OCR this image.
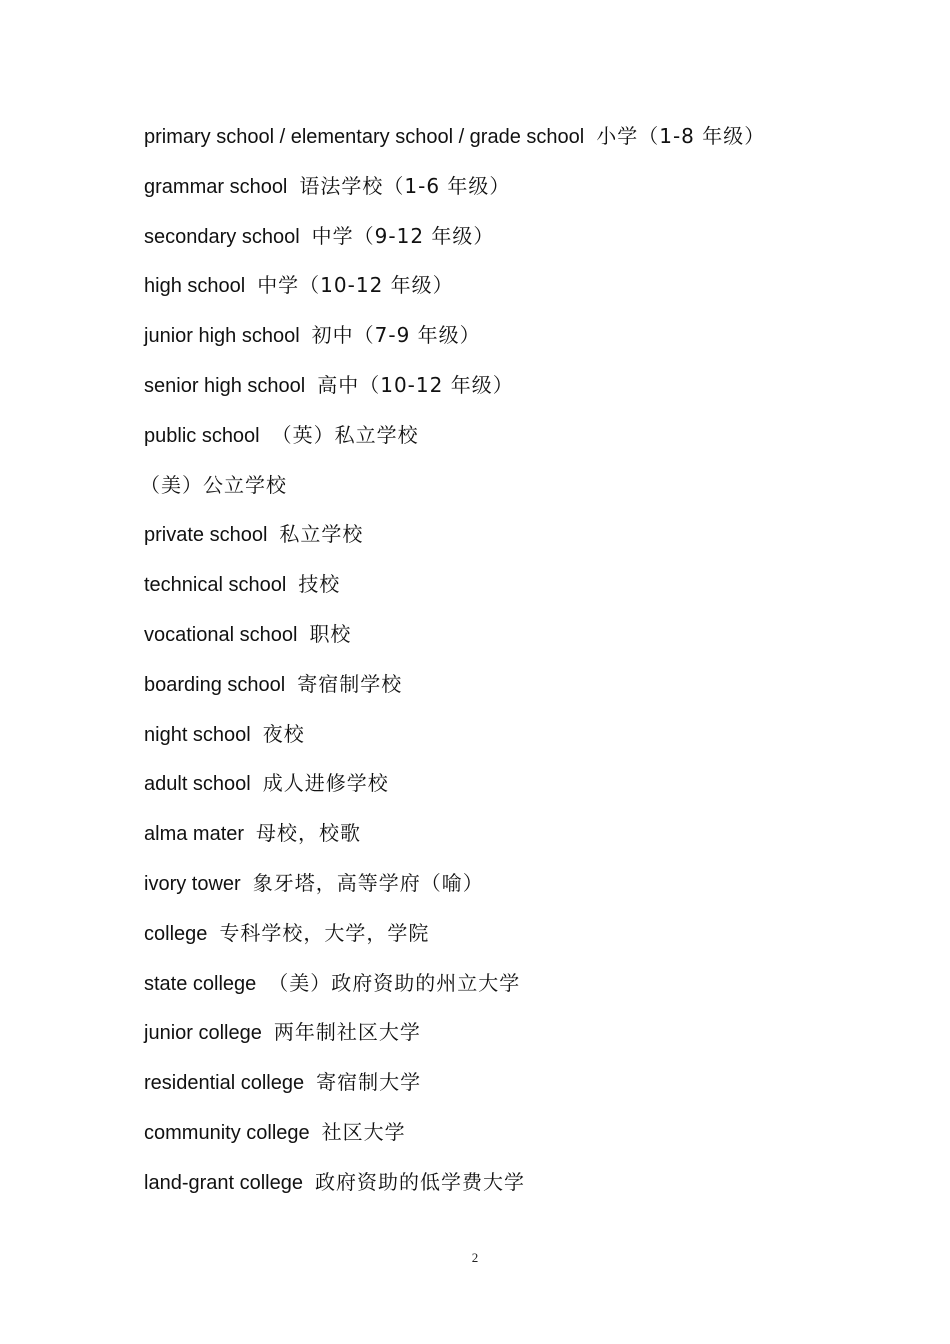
primary school / elementary school / grade school 小学（1-8 年级）
grammar school 语法学校（1-6 年级）
secondary school 中学（9-12 年级）
high school 中学（10-12 年级）
junior high school 初中（7-9 年级）
senior high school 高中（10-12 年级）
public school （英）私立学校
（美）公立学校
private school 私立学校
technical school 技校
vocational school 职校
boarding school 寄宿制学校
night school 夜校
adult school 成人进修学校
alma mater 母校，校歌
ivory tower 象牙塔，高等学府（喻）
college 专科学校，大学，学院
state college （美）政府资助的州立大学
junior college 两年制社区大学
residential college 寄宿制大学
community college 社区大学
land-grant college 政府资助的低学费大学
2
